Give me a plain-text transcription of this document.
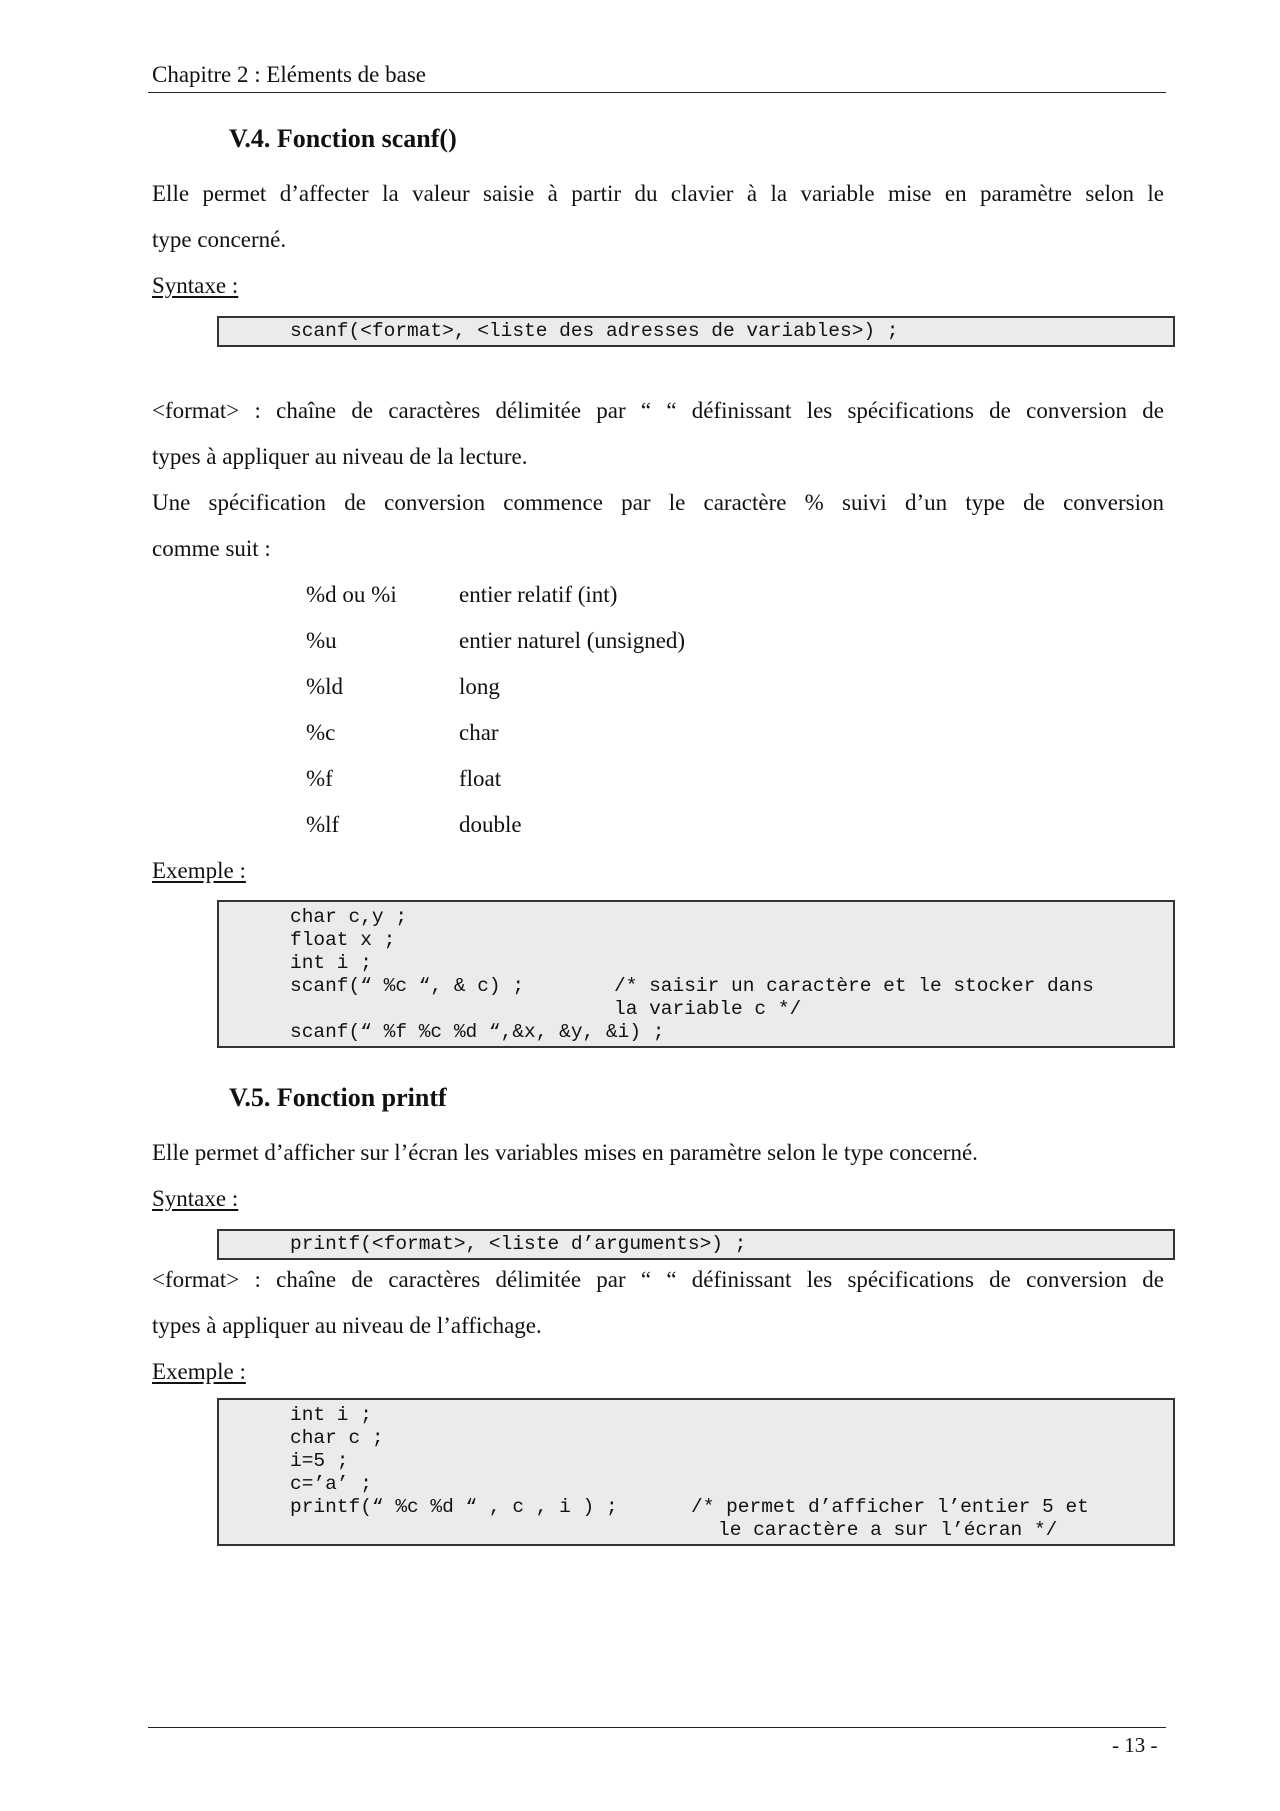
Chapitre 2 : Eléments de base
V.4. Fonction scanf()
Elle permet d’affecter la valeur saisie à partir du clavier à la variable mise en paramètre selon le
type concerné.
Syntaxe :
scanf(<format>, <liste des adresses de variables>) ;
<format> : chaîne de caractères délimitée par “ “ définissant les spécifications de conversion de
types à appliquer au niveau de la lecture.
Une spécification de conversion commence par le caractère % suivi d’un type de conversion
comme suit :
%d ou %i	entier relatif (int)
%u	entier naturel (unsigned)
%ld	long
%c	char
%f	float
%lf	double
Exemple :
char c,y ;
float x ;
int i ;
scanf(“ %c “, & c) ;	/* saisir un caractère et le stocker dans
la variable c */
scanf(“ %f %c %d “,&x, &y, &i) ;
V.5. Fonction printf
Elle permet d’afficher sur l’écran les variables mises en paramètre selon le type concerné.
Syntaxe :
printf(<format>, <liste d’arguments>) ;
<format> : chaîne de caractères délimitée par “ “ définissant les spécifications de conversion de
types à appliquer au niveau de l’affichage.
Exemple :
int i ;
char c ;
i=5 ;
c=’a’ ;
printf(“ %c %d “ , c , i ) ;	/* permet d’afficher l’entier 5 et
le caractère a sur l’écran */
- 13 -
